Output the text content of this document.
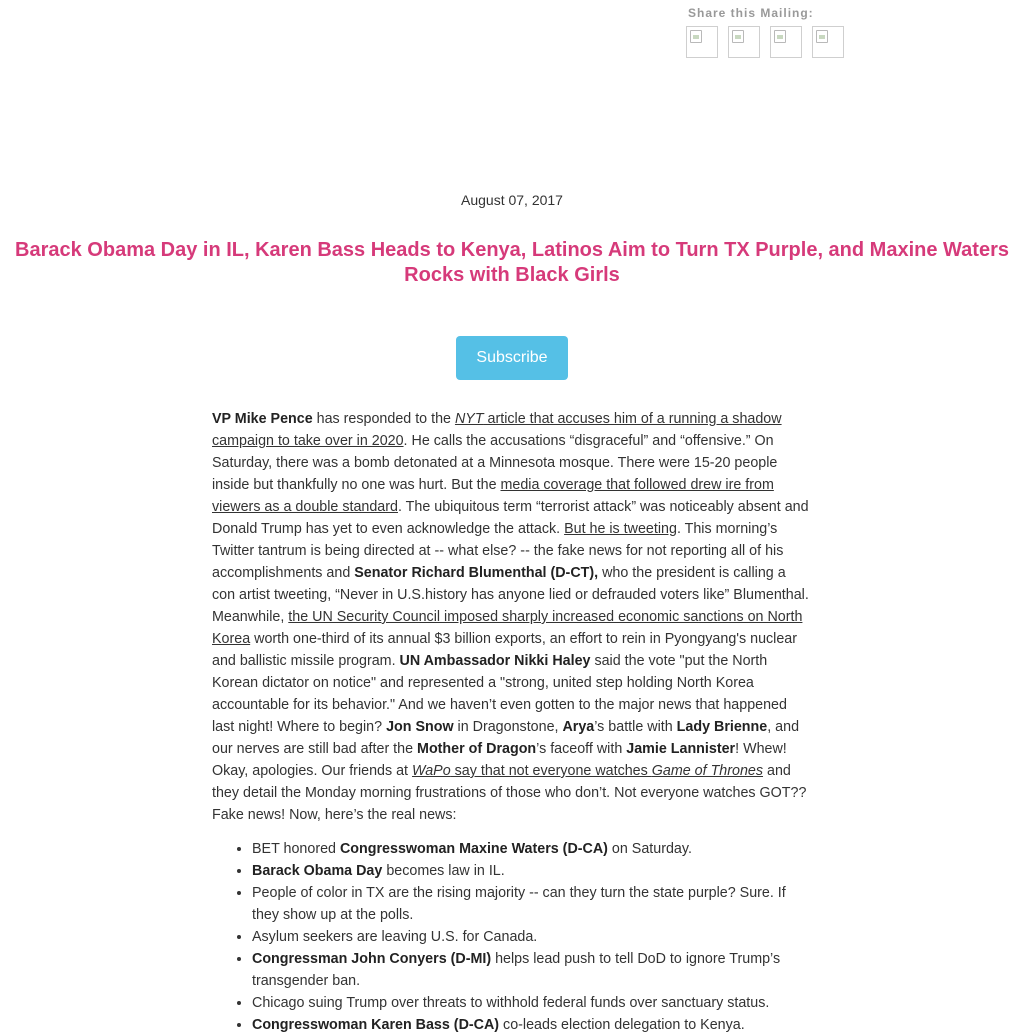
Share this Mailing:
August 07, 2017
Barack Obama Day in IL, Karen Bass Heads to Kenya, Latinos Aim to Turn TX Purple, and Maxine Waters Rocks with Black Girls
Subscribe

VP Mike Pence has responded to the NYT article that accuses him of a running a shadow campaign to take over in 2020. He calls the accusations “disgraceful” and “offensive.” On Saturday, there was a bomb detonated at a Minnesota mosque. There were 15-20 people inside but thankfully no one was hurt. But the media coverage that followed drew ire from viewers as a double standard. The ubiquitous term “terrorist attack” was noticeably absent and Donald Trump has yet to even acknowledge the attack. But he is tweeting. This morning’s Twitter tantrum is being directed at -- what else? -- the fake news for not reporting all of his accomplishments and Senator Richard Blumenthal (D-CT), who the president is calling a con artist tweeting, “Never in U.S.history has anyone lied or defrauded voters like” Blumenthal. Meanwhile, the UN Security Council imposed sharply increased economic sanctions on North Korea worth one-third of its annual $3 billion exports, an effort to rein in Pyongyang's nuclear and ballistic missile program. UN Ambassador Nikki Haley said the vote "put the North Korean dictator on notice" and represented a "strong, united step holding North Korea accountable for its behavior." And we haven’t even gotten to the major news that happened last night! Where to begin? Jon Snow in Dragonstone, Arya’s battle with Lady Brienne, and our nerves are still bad after the Mother of Dragon’s faceoff with Jamie Lannister! Whew! Okay, apologies. Our friends at WaPo say that not everyone watches Game of Thrones and they detail the Monday morning frustrations of those who don’t. Not everyone watches GOT?? Fake news! Now, here’s the real news:

• BET honored Congresswoman Maxine Waters (D-CA) on Saturday.
• Barack Obama Day becomes law in IL.
• People of color in TX are the rising majority -- can they turn the state purple? Sure. If they show up at the polls.
• Asylum seekers are leaving U.S. for Canada.
• Congressman John Conyers (D-MI) helps lead push to tell DoD to ignore Trump’s transgender ban.
• Chicago suing Trump over threats to withhold federal funds over sanctuary status.
• Congresswoman Karen Bass (D-CA) co-leads election delegation to Kenya.
